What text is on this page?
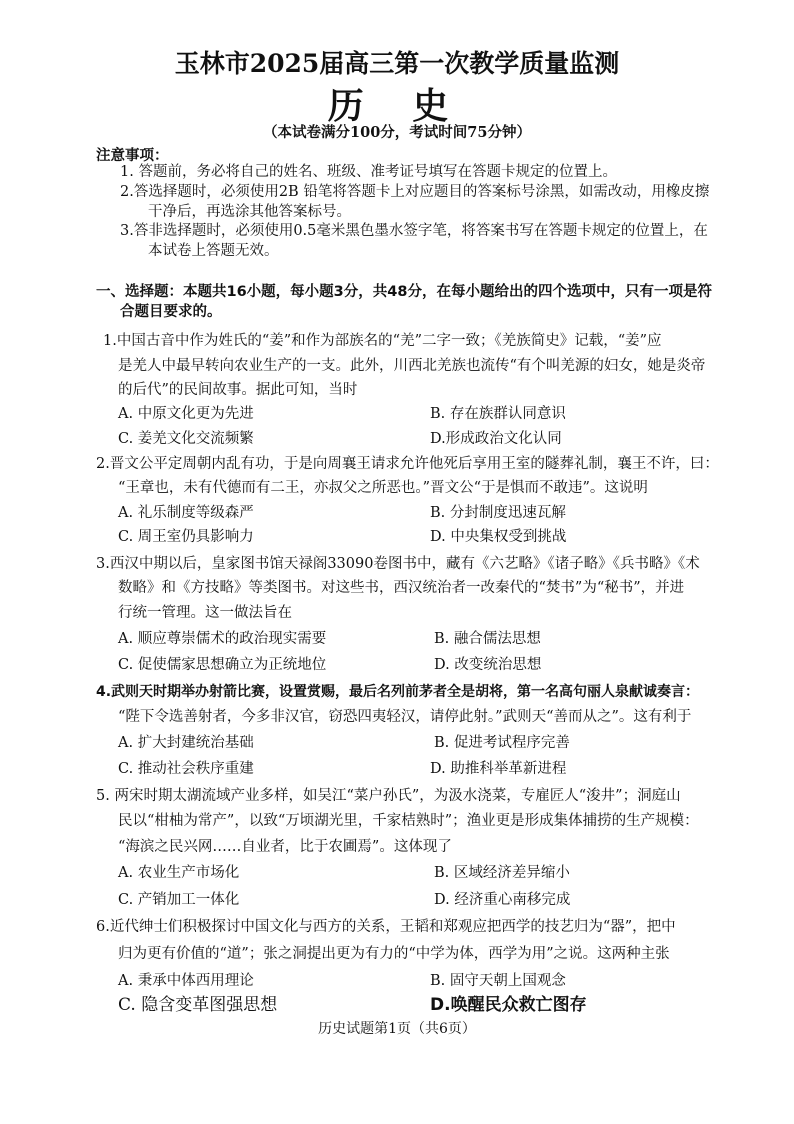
玉林市2025届高三第一次教学质量监测
历 史
（本试卷满分100分，考试时间75分钟）
注意事项：
1. 答题前，务必将自己的姓名、班级、准考证号填写在答题卡规定的位置上。
2.答选择题时，必须使用2B 铅笔将答题卡上对应题目的答案标号涂黑，如需改动，用橡皮擦
干净后，再选涂其他答案标号。
3.答非选择题时，必须使用0.5毫米黑色墨水签字笔，将答案书写在答题卡规定的位置上，在
本试卷上答题无效。
一、选择题：本题共16小题，每小题3分，共48分，在每小题给出的四个选项中，只有一项是符
合题目要求的。
1.中国古音中作为姓氏的“姜”和作为部族名的“羌”二字一致；《羌族简史》记载，“姜”应
是羌人中最早转向农业生产的一支。此外，川西北羌族也流传“有个叫羌源的妇女，她是炎帝
的后代”的民间故事。据此可知，当时
A. 中原文化更为先进	B. 存在族群认同意识
C. 姜羌文化交流频繁	D.形成政治文化认同
2.晋文公平定周朝内乱有功，于是向周襄王请求允许他死后享用王室的隧葬礼制，襄王不许，曰：
“王章也，未有代德而有二王，亦叔父之所恶也。”晋文公“于是惧而不敢违”。这说明
A. 礼乐制度等级森严	B. 分封制度迅速瓦解
C. 周王室仍具影响力	D. 中央集权受到挑战
3.西汉中期以后，皇家图书馆天禄阁33090卷图书中，藏有《六艺略》《诸子略》《兵书略》《术
数略》和《方技略》等类图书。对这些书，西汉统治者一改秦代的“焚书”为“秘书”，并进
行统一管理。这一做法旨在
A. 顺应尊崇儒术的政治现实需要	B. 融合儒法思想
C. 促使儒家思想确立为正统地位	D. 改变统治思想
4.武则天时期举办射箭比赛，设置赏赐，最后名列前茅者全是胡将，第一名高句丽人泉献诚奏言：
“陛下令选善射者，今多非汉官，窃恐四夷轻汉，请停此射。”武则天“善而从之”。这有利于
A. 扩大封建统治基础	B. 促进考试程序完善
C. 推动社会秩序重建	D. 助推科举革新进程
5. 两宋时期太湖流域产业多样，如吴江“菜户孙氏”，为汲水浇菜，专雇匠人“浚井”；洞庭山
民以“柑柚为常产”，以致“万顷湖光里，千家桔熟时”；渔业更是形成集体捕捞的生产规模：
“海滨之民兴网……自业者，比于农圃焉”。这体现了
A. 农业生产市场化	B. 区域经济差异缩小
C. 产销加工一体化	D. 经济重心南移完成
6.近代绅士们积极探讨中国文化与西方的关系，王韬和郑观应把西学的技艺归为“器”，把中
归为更有价值的“道”；张之洞提出更为有力的“中学为体，西学为用”之说。这两种主张
A. 秉承中体西用理论	B. 固守天朝上国观念
C. 隐含变革图强思想	D.唤醒民众救亡图存
历史试题第1页（共6页）
